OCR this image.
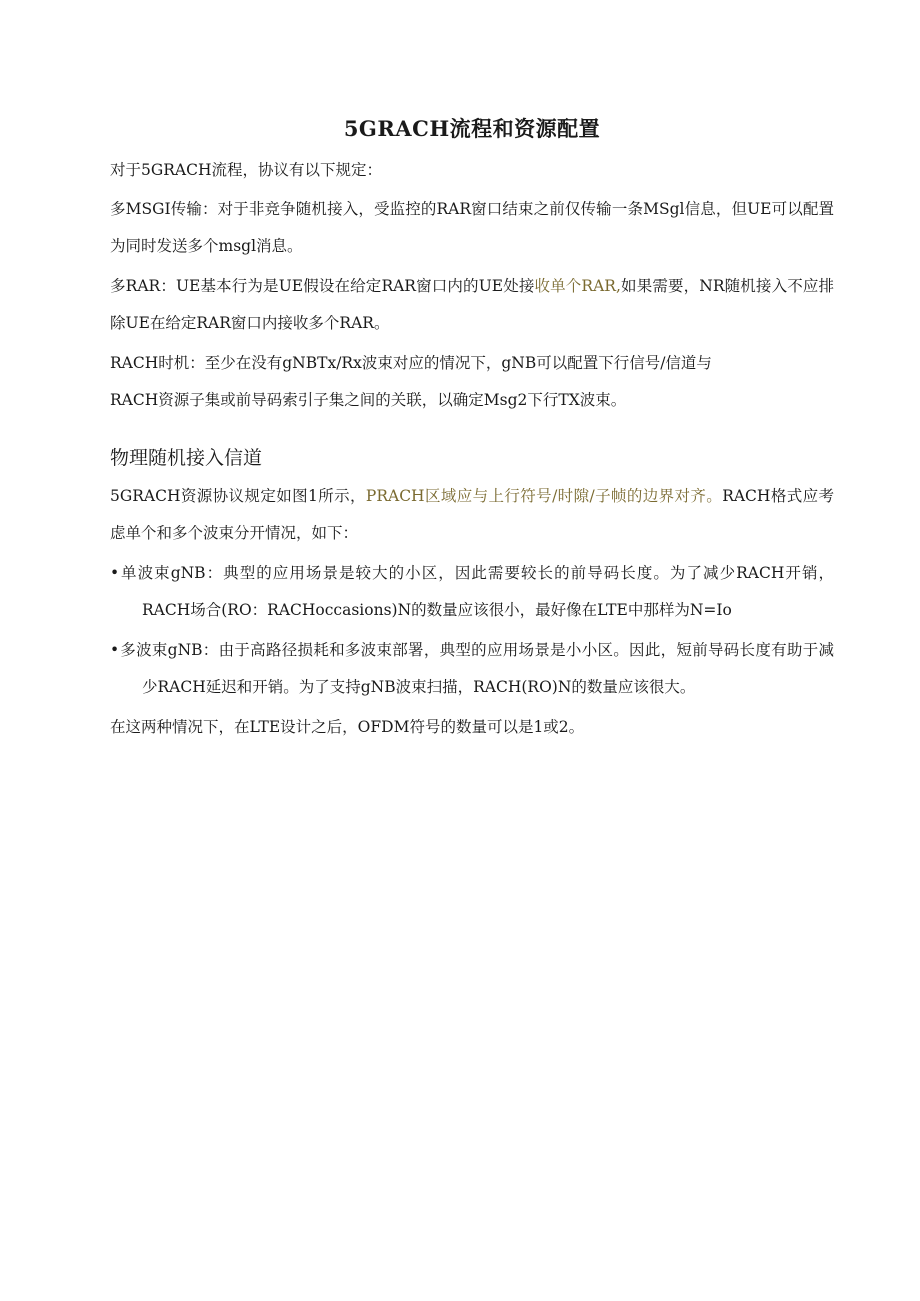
5GRACH流程和资源配置

对于5GRACH流程，协议有以下规定：

多MSGI传输：对于非竞争随机接入，受监控的RAR窗口结束之前仅传输一条MSgl信息，但UE可以配置为同时发送多个msgl消息。

多RAR：UE基本行为是UE假设在给定RAR窗口内的UE处接收单个RAR,如果需要，NR随机接入不应排除UE在给定RAR窗口内接收多个RAR。

RACH时机：至少在没有gNBTx/Rx波束对应的情况下，gNB可以配置下行信号/信道与
RACH资源子集或前导码索引子集之间的关联，以确定Msg2下行TX波束。

物理随机接入信道

5GRACH资源协议规定如图1所示，PRACH区域应与上行符号/时隙/子帧的边界对齐。RACH格式应考虑单个和多个波束分开情况，如下：

•单波束gNB：典型的应用场景是较大的小区，因此需要较长的前导码长度。为了减少RACH开销，RACH场合(RO：RACHoccasions)N的数量应该很小，最好像在LTE中那样为N=Io

•多波束gNB：由于高路径损耗和多波束部署，典型的应用场景是小小区。因此，短前导码长度有助于减少RACH延迟和开销。为了支持gNB波束扫描，RACH(RO)N的数量应该很大。

在这两种情况下，在LTE设计之后，OFDM符号的数量可以是1或2。
